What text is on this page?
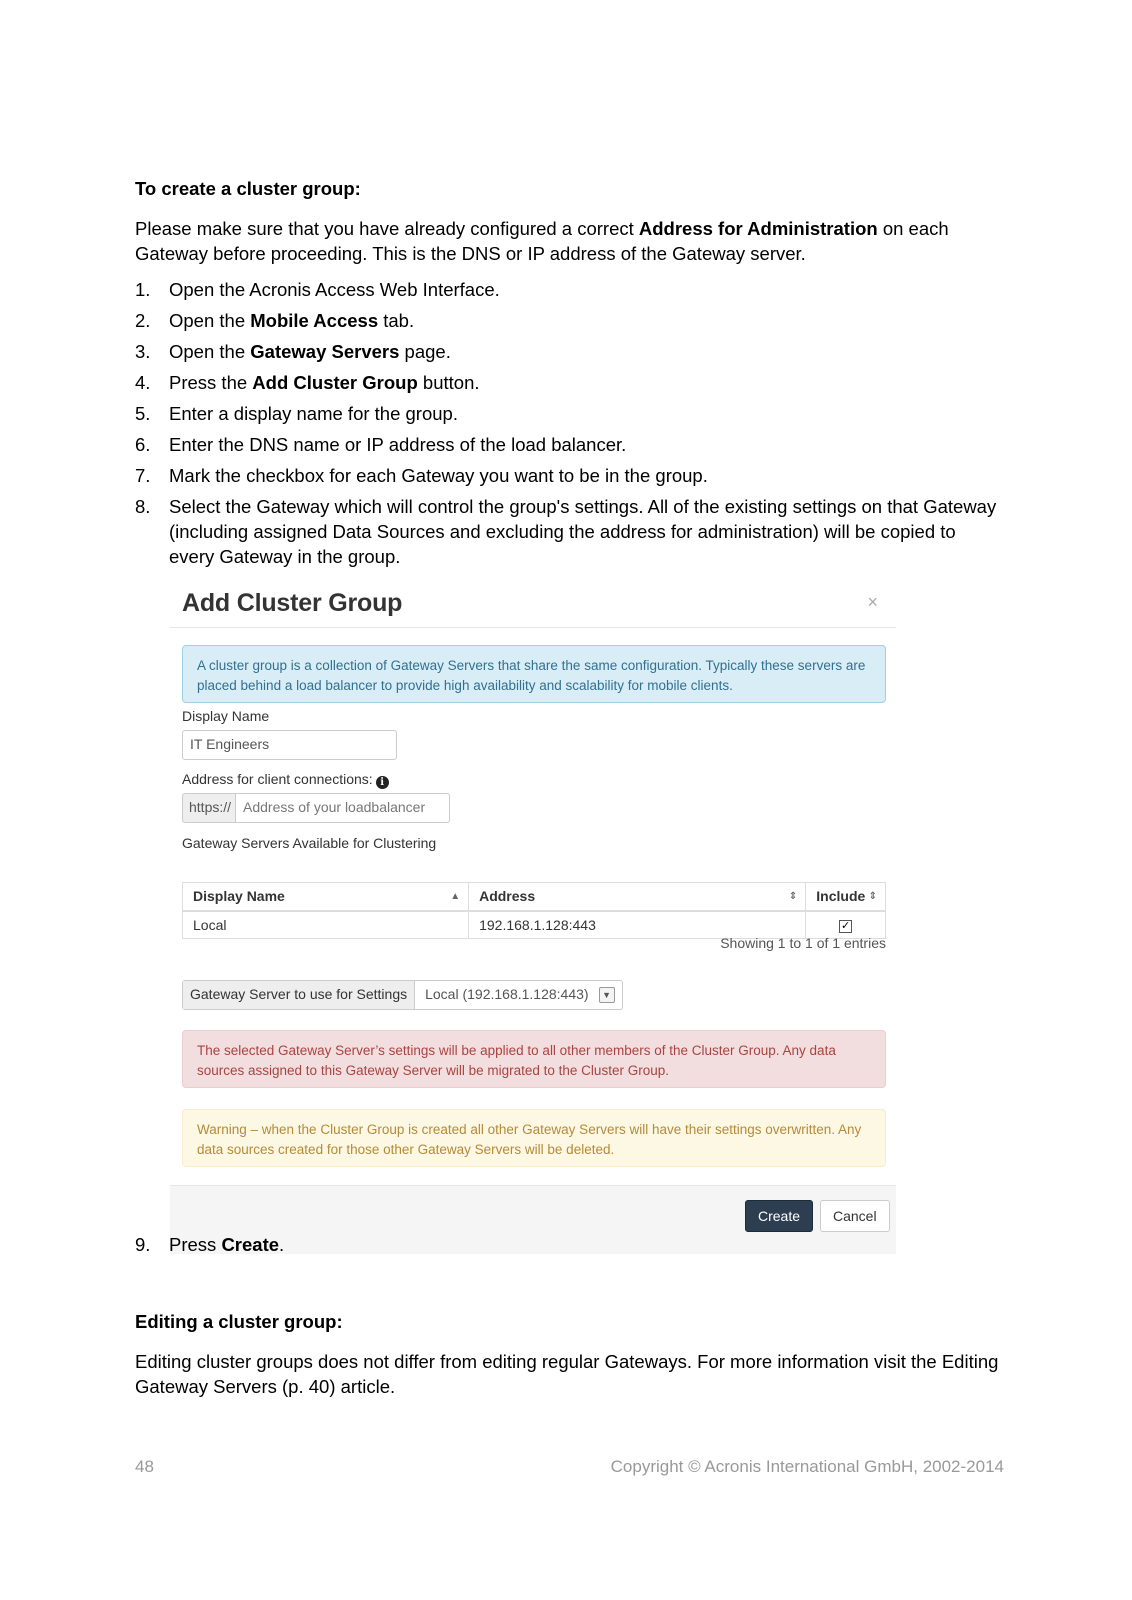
To create a cluster group:
Please make sure that you have already configured a correct Address for Administration on each Gateway before proceeding. This is the DNS or IP address of the Gateway server.
1. Open the Acronis Access Web Interface.
2. Open the Mobile Access tab.
3. Open the Gateway Servers page.
4. Press the Add Cluster Group button.
5. Enter a display name for the group.
6. Enter the DNS name or IP address of the load balancer.
7. Mark the checkbox for each Gateway you want to be in the group.
8. Select the Gateway which will control the group's settings. All of the existing settings on that Gateway (including assigned Data Sources and excluding the address for administration) will be copied to every Gateway in the group.
Add Cluster Group	×
A cluster group is a collection of Gateway Servers that share the same configuration. Typically these servers are placed behind a load balancer to provide high availability and scalability for mobile clients.
Display Name
IT Engineers
Address for client connections: i
https:// Address of your loadbalancer
Gateway Servers Available for Clustering
Display Name ▲	Address ⇕	Include ⇕

Local	192.168.1.128:443	✓
Showing 1 to 1 of 1 entries
Gateway Server to use for Settings	Local (192.168.1.128:443)	▼
The selected Gateway Server’s settings will be applied to all other members of the Cluster Group. Any data sources assigned to this Gateway Server will be migrated to the Cluster Group.
Warning – when the Cluster Group is created all other Gateway Servers will have their settings overwritten. Any data sources created for those other Gateway Servers will be deleted.
Create	Cancel
9. Press Create.
Editing a cluster group:
Editing cluster groups does not differ from editing regular Gateways. For more information visit the Editing Gateway Servers (p. 40) article.
48	Copyright © Acronis International GmbH, 2002-2014
